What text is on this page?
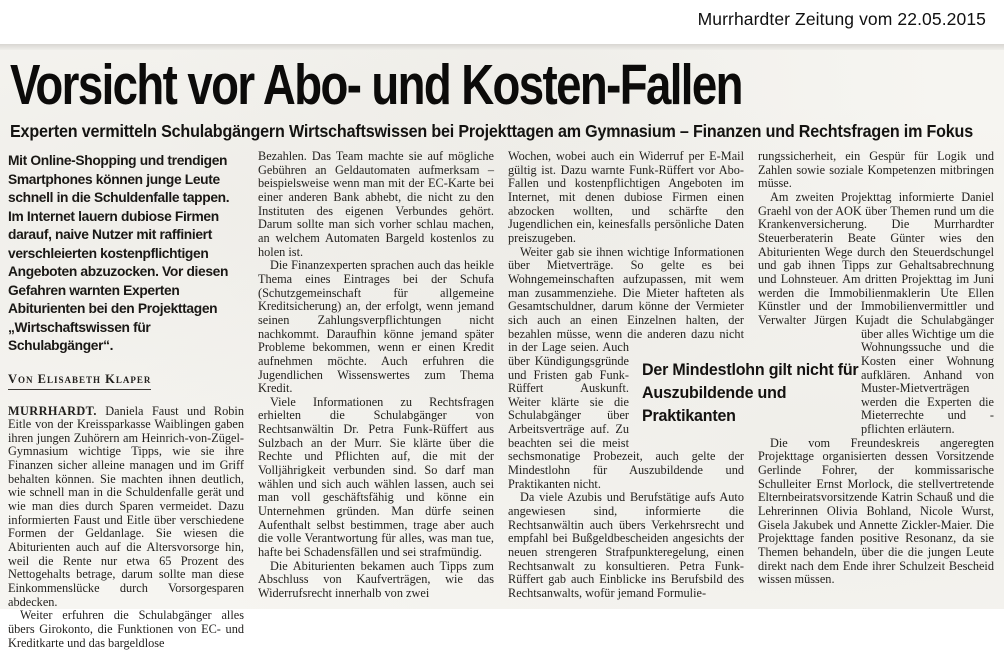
Murrhardter Zeitung vom 22.05.2015
Vorsicht vor Abo- und Kosten-Fallen
Experten vermitteln Schulabgängern Wirtschaftswissen bei Projekttagen am Gymnasium – Finanzen und Rechtsfragen im Fokus
Mit Online-Shopping und trendigen Smartphones können junge Leute schnell in die Schuldenfalle tappen. Im Internet lauern dubiose Firmen darauf, naive Nutzer mit raffiniert verschleierten kostenpflichtigen Angeboten abzuzocken. Vor diesen Gefahren warnten Experten Abiturienten bei den Projekttagen „Wirtschaftswissen für Schulabgänger“.
Von Elisabeth Klaper

MURRHARDT. Daniela Faust und Robin Eitle von der Kreissparkasse Waiblingen gaben ihren jungen Zuhörern am Heinrich-von-Zügel-Gymnasium wichtige Tipps, wie sie ihre Finanzen sicher alleine managen und im Griff behalten können. Sie machten ihnen deutlich, wie schnell man in die Schuldenfalle gerät und wie man dies durch Sparen vermeidet. Dazu informierten Faust und Eitle über verschiedene Formen der Geldanlage. Sie wiesen die Abiturienten auch auf die Altersvorsorge hin, weil die Rente nur etwa 65 Prozent des Nettogehalts betrage, darum sollte man diese Einkommenslücke durch Vorsorgesparen abdecken.

Weiter erfuhren die Schulabgänger alles übers Girokonto, die Funktionen von EC- und Kreditkarte und das bargeldlose

Bezahlen. Das Team machte sie auf mögliche Gebühren an Geldautomaten aufmerksam – beispielsweise wenn man mit der EC-Karte bei einer anderen Bank abhebt, die nicht zu den Instituten des eigenen Verbundes gehört. Darum sollte man sich vorher schlau machen, an welchem Automaten Bargeld kostenlos zu holen ist.

Die Finanzexperten sprachen auch das heikle Thema eines Eintrages bei der Schufa (Schutzgemeinschaft für allgemeine Kreditsicherung) an, der erfolgt, wenn jemand seinen Zahlungsverpflichtungen nicht nachkommt. Daraufhin könne jemand später Probleme bekommen, wenn er einen Kredit aufnehmen möchte. Auch erfuhren die Jugendlichen Wissenswertes zum Thema Kredit.

Viele Informationen zu Rechtsfragen erhielten die Schulabgänger von Rechtsanwältin Dr. Petra Funk-Rüffert aus Sulzbach an der Murr. Sie klärte über die Rechte und Pflichten auf, die mit der Volljährigkeit verbunden sind. So darf man wählen und sich auch wählen lassen, auch sei man voll geschäftsfähig und könne ein Unternehmen gründen. Man dürfe seinen Aufenthalt selbst bestimmen, trage aber auch die volle Verantwortung für alles, was man tue, hafte bei Schadensfällen und sei strafmündig.

Die Abiturienten bekamen auch Tipps zum Abschluss von Kaufverträgen, wie das Widerrufsrecht innerhalb von zwei

Wochen, wobei auch ein Widerruf per E-Mail gültig ist. Dazu warnte Funk-Rüffert vor Abo-Fallen und kostenpflichtigen Angeboten im Internet, mit denen dubiose Firmen einen abzocken wollten, und schärfte den Jugendlichen ein, keinesfalls persönliche Daten preiszugeben.

Weiter gab sie ihnen wichtige Informationen über Mietverträge. So gelte es bei Wohngemeinschaften aufzupassen, mit wem man zusammenziehe. Die Mieter hafteten als Gesamtschuldner, darum könne der Vermieter sich auch an einen Einzelnen halten, der bezahlen müsse, wenn die anderen dazu nicht in der Lage
seien. Auch über Kündigungsgründe und Fristen gab Funk-Rüffert Auskunft. Weiter klärte sie die Schulabgänger über Arbeitsverträge auf. Zu beachten sei die meist sechsmonatige Probezeit, auch gelte der Mindestlohn für Auszubildende und Praktikanten nicht.

Da viele Azubis und Berufstätige aufs Auto angewiesen sind, informierte die Rechtsanwältin auch übers Verkehrsrecht und empfahl bei Bußgeldbescheiden angesichts der neuen strengeren Strafpunkteregelung, einen Rechtsanwalt zu konsultieren. Petra Funk-Rüffert gab auch Einblicke ins Berufsbild des Rechtsanwalts, wofür jemand Formulie-

rungssicherheit, ein Gespür für Logik und Zahlen sowie soziale Kompetenzen mitbringen müsse.

Am zweiten Projekttag informierte Daniel Graehl von der AOK über Themen rund um die Krankenversicherung. Die Murrhardter Steuerberaterin Beate Günter wies den Abiturienten Wege durch den Steuerdschungel und gab ihnen Tipps zur Gehaltsabrechnung und Lohnsteuer. Am dritten Projekttag im Juni werden die Immobilienmaklerin Ute Ellen Künstler und der Immobilienvermittler und Verwalter Jürgen Kujadt die Schulabgänger über alles Wichtige um
die Wohnungssuche und die Kosten einer Wohnung aufklären. Anhand von Muster-Mietverträgen werden die Experten die Mieterrechte und -pflichten erläutern.

Die vom Freundeskreis angeregten Projekttage organisierten dessen Vorsitzende Gerlinde Fohrer, der kommissarische Schulleiter Ernst Morlock, die stellvertretende Elternbeiratsvorsitzende Katrin Schauß und die Lehrerinnen Olivia Bohland, Nicole Wurst, Gisela Jakubek und Annette Zickler-Maier. Die Projekttage fanden positive Resonanz, da sie Themen behandeln, über die die jungen Leute direkt nach dem Ende ihrer Schulzeit Bescheid wissen müssen.

Der Mindestlohn gilt nicht für
Auszubildende und Praktikanten
